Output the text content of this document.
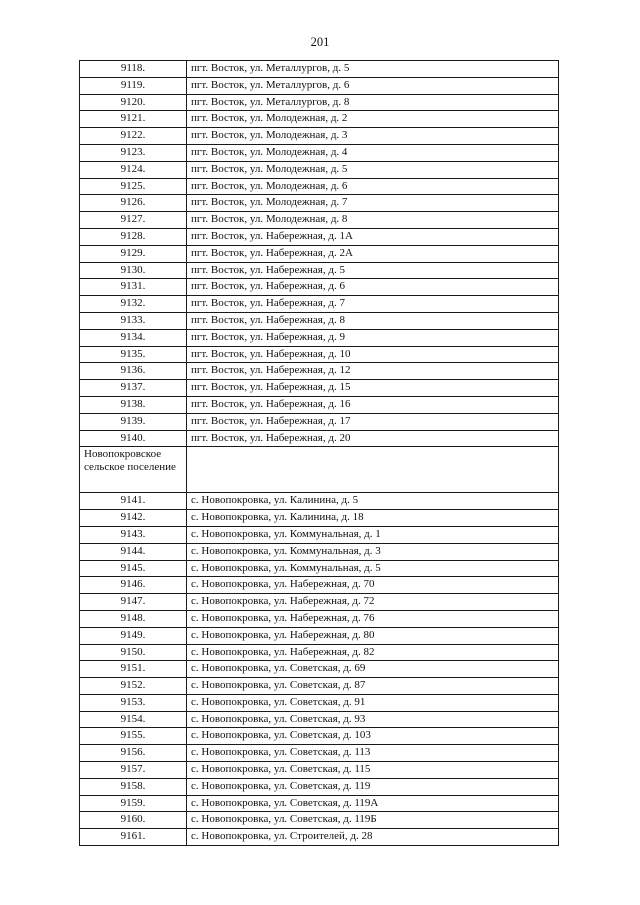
201
9118.	пгт. Восток, ул. Металлургов, д. 5
9119.	пгт. Восток, ул. Металлургов, д. 6
9120.	пгт. Восток, ул. Металлургов, д. 8
9121.	пгт. Восток, ул. Молодежная, д. 2
9122.	пгт. Восток, ул. Молодежная, д. 3
9123.	пгт. Восток, ул. Молодежная, д. 4
9124.	пгт. Восток, ул. Молодежная, д. 5
9125.	пгт. Восток, ул. Молодежная, д. 6
9126.	пгт. Восток, ул. Молодежная, д. 7
9127.	пгт. Восток, ул. Молодежная, д. 8
9128.	пгт. Восток, ул. Набережная, д. 1А
9129.	пгт. Восток, ул. Набережная, д. 2А
9130.	пгт. Восток, ул. Набережная, д. 5
9131.	пгт. Восток, ул. Набережная, д. 6
9132.	пгт. Восток, ул. Набережная, д. 7
9133.	пгт. Восток, ул. Набережная, д. 8
9134.	пгт. Восток, ул. Набережная, д. 9
9135.	пгт. Восток, ул. Набережная, д. 10
9136.	пгт. Восток, ул. Набережная, д. 12
9137.	пгт. Восток, ул. Набережная, д. 15
9138.	пгт. Восток, ул. Набережная, д. 16
9139.	пгт. Восток, ул. Набережная, д. 17
9140.	пгт. Восток, ул. Набережная, д. 20
Новопокровское сельское поселение	
9141.	с. Новопокровка, ул. Калинина, д. 5
9142.	с. Новопокровка, ул. Калинина, д. 18
9143.	с. Новопокровка, ул. Коммунальная, д. 1
9144.	с. Новопокровка, ул. Коммунальная, д. 3
9145.	с. Новопокровка, ул. Коммунальная, д. 5
9146.	с. Новопокровка, ул. Набережная, д. 70
9147.	с. Новопокровка, ул. Набережная, д. 72
9148.	с. Новопокровка, ул. Набережная, д. 76
9149.	с. Новопокровка, ул. Набережная, д. 80
9150.	с. Новопокровка, ул. Набережная, д. 82
9151.	с. Новопокровка, ул. Советская, д. 69
9152.	с. Новопокровка, ул. Советская, д. 87
9153.	с. Новопокровка, ул. Советская, д. 91
9154.	с. Новопокровка, ул. Советская, д. 93
9155.	с. Новопокровка, ул. Советская, д. 103
9156.	с. Новопокровка, ул. Советская, д. 113
9157.	с. Новопокровка, ул. Советская, д. 115
9158.	с. Новопокровка, ул. Советская, д. 119
9159.	с. Новопокровка, ул. Советская, д. 119А
9160.	с. Новопокровка, ул. Советская, д. 119Б
9161.	с. Новопокровка, ул. Строителей, д. 28
